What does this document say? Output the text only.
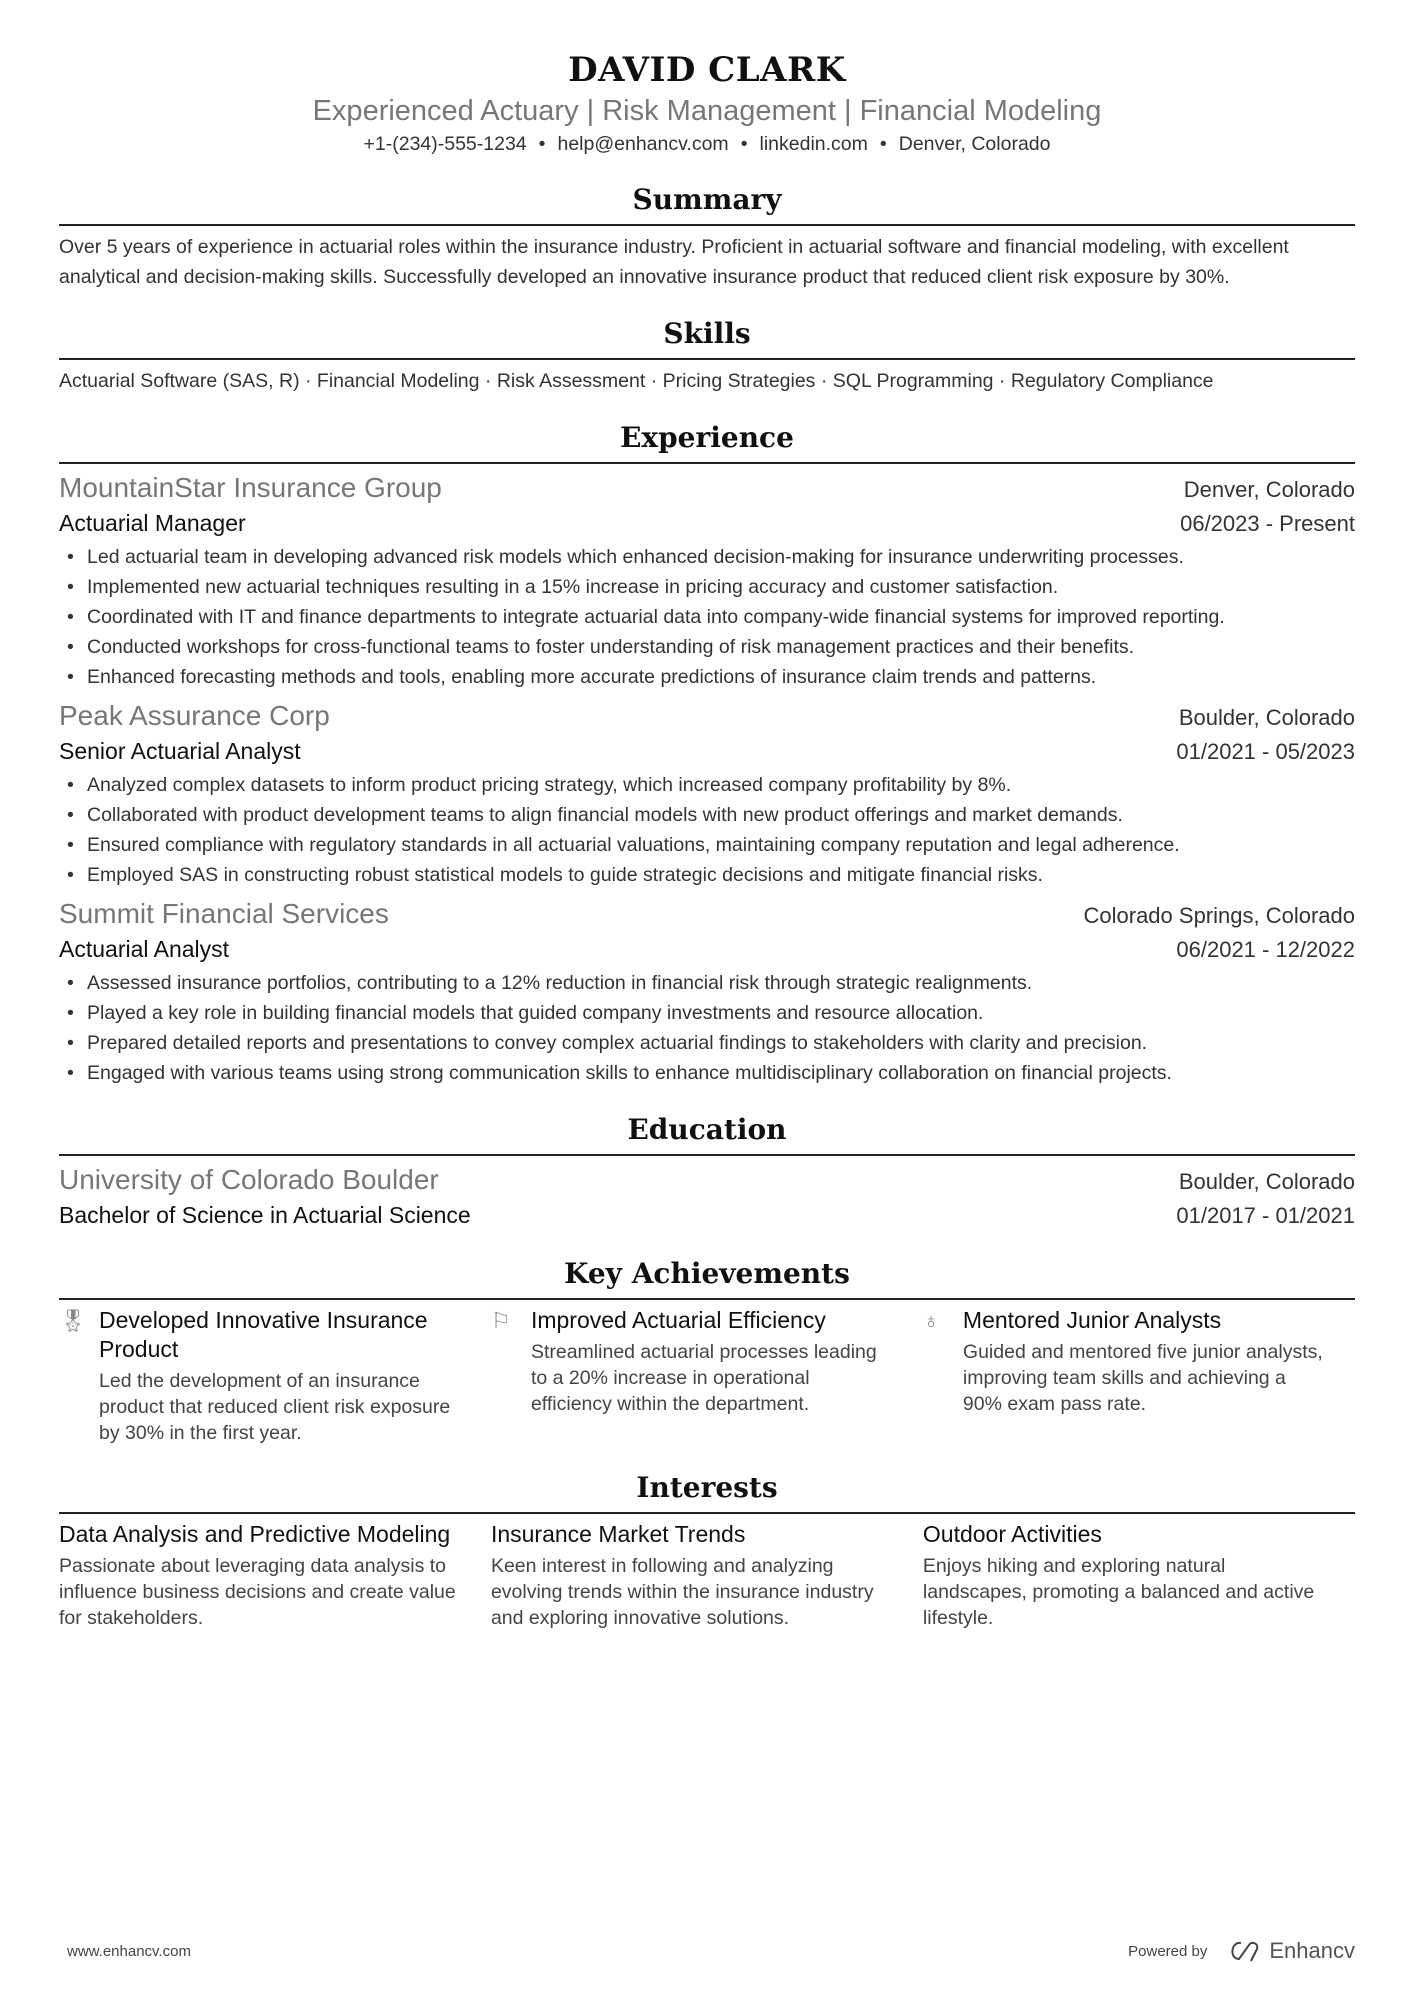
DAVID CLARK
Experienced Actuary | Risk Management | Financial Modeling
+1-(234)-555-1234 • help@enhancv.com • linkedin.com • Denver, Colorado
Summary
Over 5 years of experience in actuarial roles within the insurance industry. Proficient in actuarial software and financial modeling, with excellent analytical and decision-making skills. Successfully developed an innovative insurance product that reduced client risk exposure by 30%.
Skills
Actuarial Software (SAS, R) · Financial Modeling · Risk Assessment · Pricing Strategies · SQL Programming · Regulatory Compliance
Experience
MountainStar Insurance Group	Denver, Colorado
Actuarial Manager	06/2023 - Present
• Led actuarial team in developing advanced risk models which enhanced decision-making for insurance underwriting processes.
• Implemented new actuarial techniques resulting in a 15% increase in pricing accuracy and customer satisfaction.
• Coordinated with IT and finance departments to integrate actuarial data into company-wide financial systems for improved reporting.
• Conducted workshops for cross-functional teams to foster understanding of risk management practices and their benefits.
• Enhanced forecasting methods and tools, enabling more accurate predictions of insurance claim trends and patterns.
Peak Assurance Corp	Boulder, Colorado
Senior Actuarial Analyst	01/2021 - 05/2023
• Analyzed complex datasets to inform product pricing strategy, which increased company profitability by 8%.
• Collaborated with product development teams to align financial models with new product offerings and market demands.
• Ensured compliance with regulatory standards in all actuarial valuations, maintaining company reputation and legal adherence.
• Employed SAS in constructing robust statistical models to guide strategic decisions and mitigate financial risks.
Summit Financial Services	Colorado Springs, Colorado
Actuarial Analyst	06/2021 - 12/2022
• Assessed insurance portfolios, contributing to a 12% reduction in financial risk through strategic realignments.
• Played a key role in building financial models that guided company investments and resource allocation.
• Prepared detailed reports and presentations to convey complex actuarial findings to stakeholders with clarity and precision.
• Engaged with various teams using strong communication skills to enhance multidisciplinary collaboration on financial projects.
Education
University of Colorado Boulder	Boulder, Colorado
Bachelor of Science in Actuarial Science	01/2017 - 01/2021
Key Achievements
🎖︎ Developed Innovative Insurance Product
Led the development of an insurance product that reduced client risk exposure by 30% in the first year.
⚐ Improved Actuarial Efficiency
Streamlined actuarial processes leading to a 20% increase in operational efficiency within the department.
♁	Mentored Junior Analysts
Guided and mentored five junior analysts, improving team skills and achieving a 90% exam pass rate.
Interests
Data Analysis and Predictive Modeling
Passionate about leveraging data analysis to influence business decisions and create value for stakeholders.
Insurance Market Trends
Keen interest in following and analyzing evolving trends within the insurance industry and exploring innovative solutions.
Outdoor Activities
Enjoys hiking and exploring natural landscapes, promoting a balanced and active lifestyle.
www.enhancv.com	Powered by	Enhancv
